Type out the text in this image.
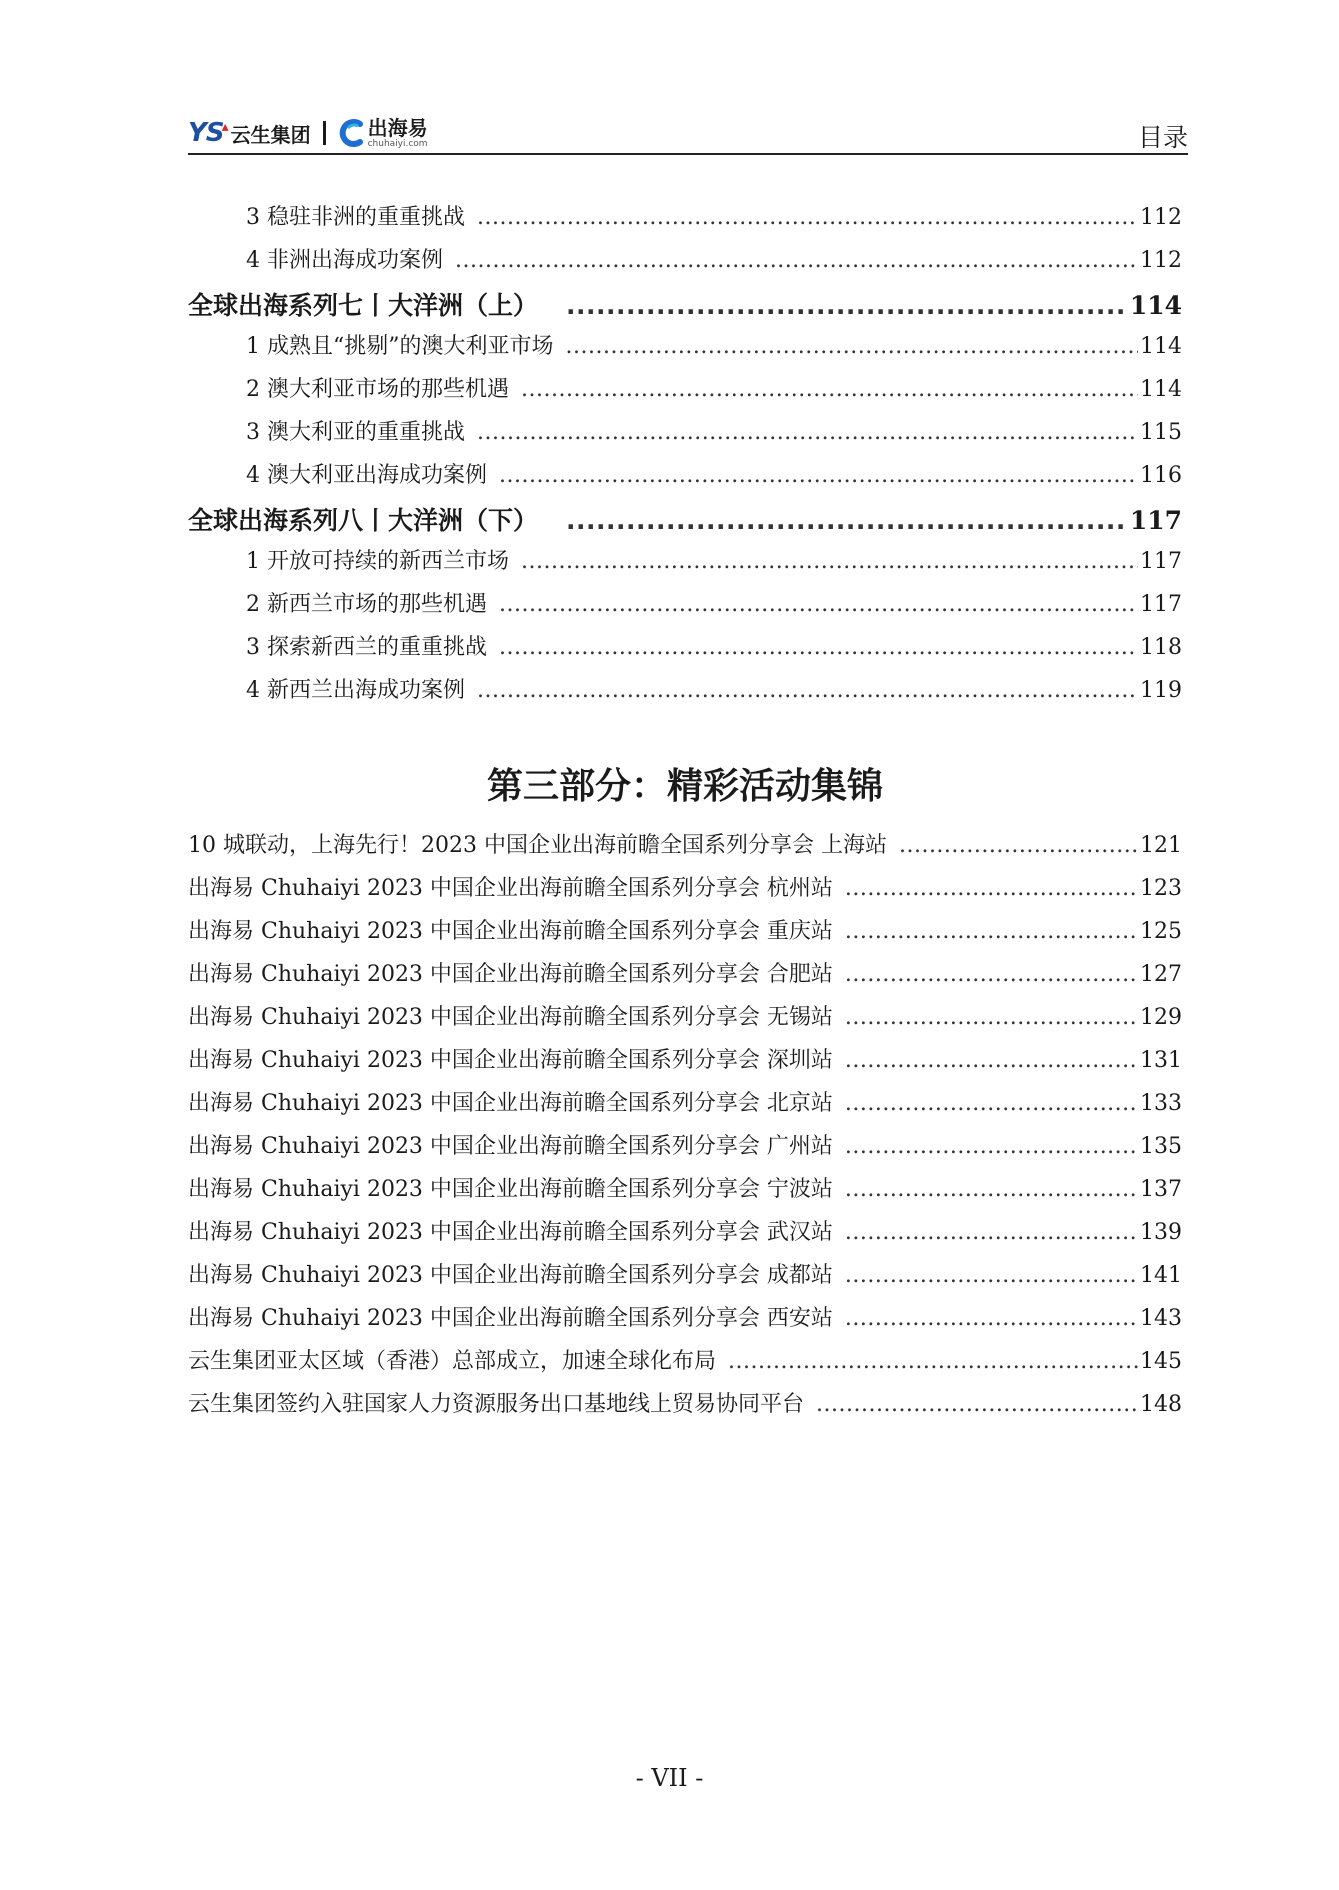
YS
▴ 云生集团	出海易
chuhaiyi.com	目录
3 稳驻非洲的重重挑战 .....	112
4 非洲出海成功案例 .....	112
全球出海系列七丨大洋洲（上） .....	114
1 成熟且“挑剔”的澳大利亚市场 .....	114
2 澳大利亚市场的那些机遇 .....	114
3 澳大利亚的重重挑战 .....	115
4 澳大利亚出海成功案例 .....	116
全球出海系列八丨大洋洲（下） .....	117
1 开放可持续的新西兰市场 .....	117
2 新西兰市场的那些机遇 .....	117
3 探索新西兰的重重挑战 .....	118
4 新西兰出海成功案例 .....	119
第三部分：精彩活动集锦
10 城联动，上海先行！2023 中国企业出海前瞻全国系列分享会 上海站 .....	121
出海易 Chuhaiyi 2023 中国企业出海前瞻全国系列分享会 杭州站 .....	123
出海易 Chuhaiyi 2023 中国企业出海前瞻全国系列分享会 重庆站 .....	125
出海易 Chuhaiyi 2023 中国企业出海前瞻全国系列分享会 合肥站 .....	127
出海易 Chuhaiyi 2023 中国企业出海前瞻全国系列分享会 无锡站 .....	129
出海易 Chuhaiyi 2023 中国企业出海前瞻全国系列分享会 深圳站 .....	131
出海易 Chuhaiyi 2023 中国企业出海前瞻全国系列分享会 北京站 .....	133
出海易 Chuhaiyi 2023 中国企业出海前瞻全国系列分享会 广州站 .....	135
出海易 Chuhaiyi 2023 中国企业出海前瞻全国系列分享会 宁波站 .....	137
出海易 Chuhaiyi 2023 中国企业出海前瞻全国系列分享会 武汉站 .....	139
出海易 Chuhaiyi 2023 中国企业出海前瞻全国系列分享会 成都站 .....	141
出海易 Chuhaiyi 2023 中国企业出海前瞻全国系列分享会 西安站 .....	143
云生集团亚太区域（香港）总部成立，加速全球化布局 .....	145
云生集团签约入驻国家人力资源服务出口基地线上贸易协同平台 .....	148
- VII -
